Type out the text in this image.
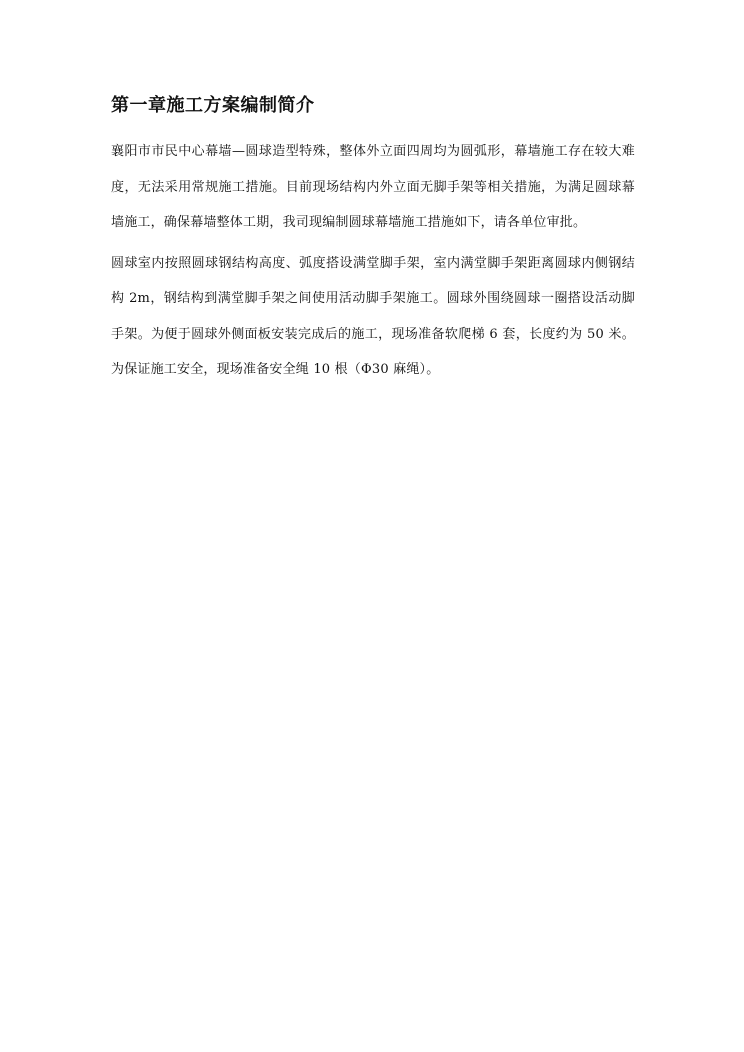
第一章施工方案编制简介

襄阳市市民中心幕墙—圆球造型特殊，整体外立面四周均为圆弧形，幕墙施工存在较大难度，无法采用常规施工措施。目前现场结构内外立面无脚手架等相关措施，为满足圆球幕墙施工，确保幕墙整体工期，我司现编制圆球幕墙施工措施如下，请各单位审批。

圆球室内按照圆球钢结构高度、弧度搭设满堂脚手架，室内满堂脚手架距离圆球内侧钢结构 2m，钢结构到满堂脚手架之间使用活动脚手架施工。圆球外围绕圆球一圈搭设活动脚手架。为便于圆球外侧面板安装完成后的施工，现场准备软爬梯 6 套，长度约为 50 米。为保证施工安全，现场准备安全绳 10 根（Φ30 麻绳）。
